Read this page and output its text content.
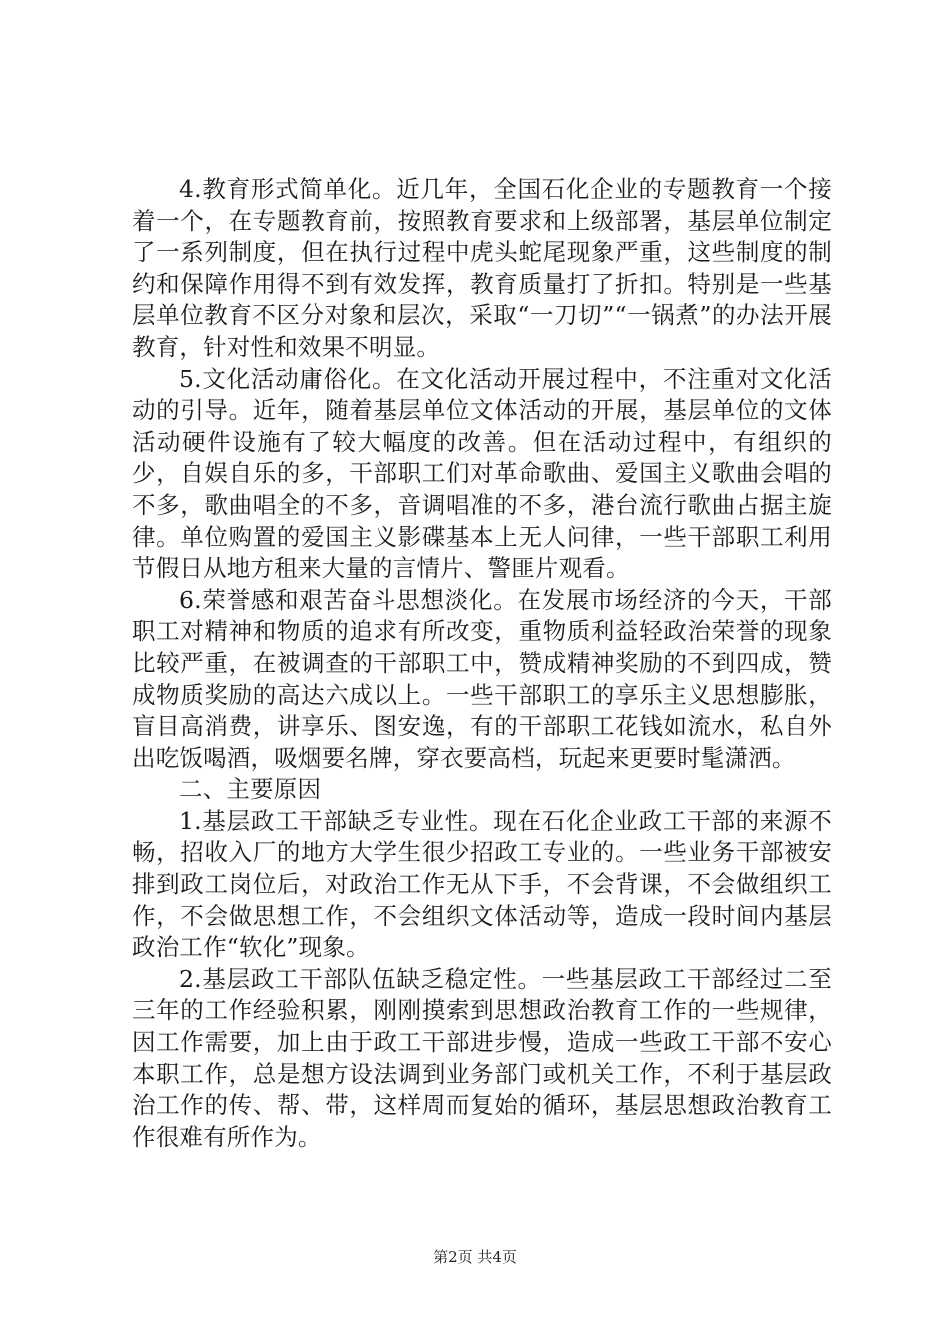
4.教育形式简单化。近几年，全国石化企业的专题教育一个接着一个，在专题教育前，按照教育要求和上级部署，基层单位制定了一系列制度，但在执行过程中虎头蛇尾现象严重，这些制度的制约和保障作用得不到有效发挥，教育质量打了折扣。特别是一些基层单位教育不区分对象和层次，采取“一刀切”“一锅煮”的办法开展教育，针对性和效果不明显。

5.文化活动庸俗化。在文化活动开展过程中，不注重对文化活动的引导。近年，随着基层单位文体活动的开展，基层单位的文体活动硬件设施有了较大幅度的改善。但在活动过程中，有组织的少，自娱自乐的多，干部职工们对革命歌曲、爱国主义歌曲会唱的不多，歌曲唱全的不多，音调唱准的不多，港台流行歌曲占据主旋律。单位购置的爱国主义影碟基本上无人问律，一些干部职工利用节假日从地方租来大量的言情片、警匪片观看。

6.荣誉感和艰苦奋斗思想淡化。在发展市场经济的今天，干部职工对精神和物质的追求有所改变，重物质利益轻政治荣誉的现象比较严重，在被调查的干部职工中，赞成精神奖励的不到四成，赞成物质奖励的高达六成以上。一些干部职工的享乐主义思想膨胀，盲目高消费，讲享乐、图安逸，有的干部职工花钱如流水，私自外出吃饭喝酒，吸烟要名牌，穿衣要高档，玩起来更要时髦潇洒。

二、主要原因

1.基层政工干部缺乏专业性。现在石化企业政工干部的来源不畅，招收入厂的地方大学生很少招政工专业的。一些业务干部被安排到政工岗位后，对政治工作无从下手，不会背课，不会做组织工作，不会做思想工作，不会组织文体活动等，造成一段时间内基层政治工作“软化”现象。

2.基层政工干部队伍缺乏稳定性。一些基层政工干部经过二至三年的工作经验积累，刚刚摸索到思想政治教育工作的一些规律，因工作需要，加上由于政工干部进步慢，造成一些政工干部不安心本职工作，总是想方设法调到业务部门或机关工作，不利于基层政治工作的传、帮、带，这样周而复始的循环，基层思想政治教育工作很难有所作为。

第2页 共4页
